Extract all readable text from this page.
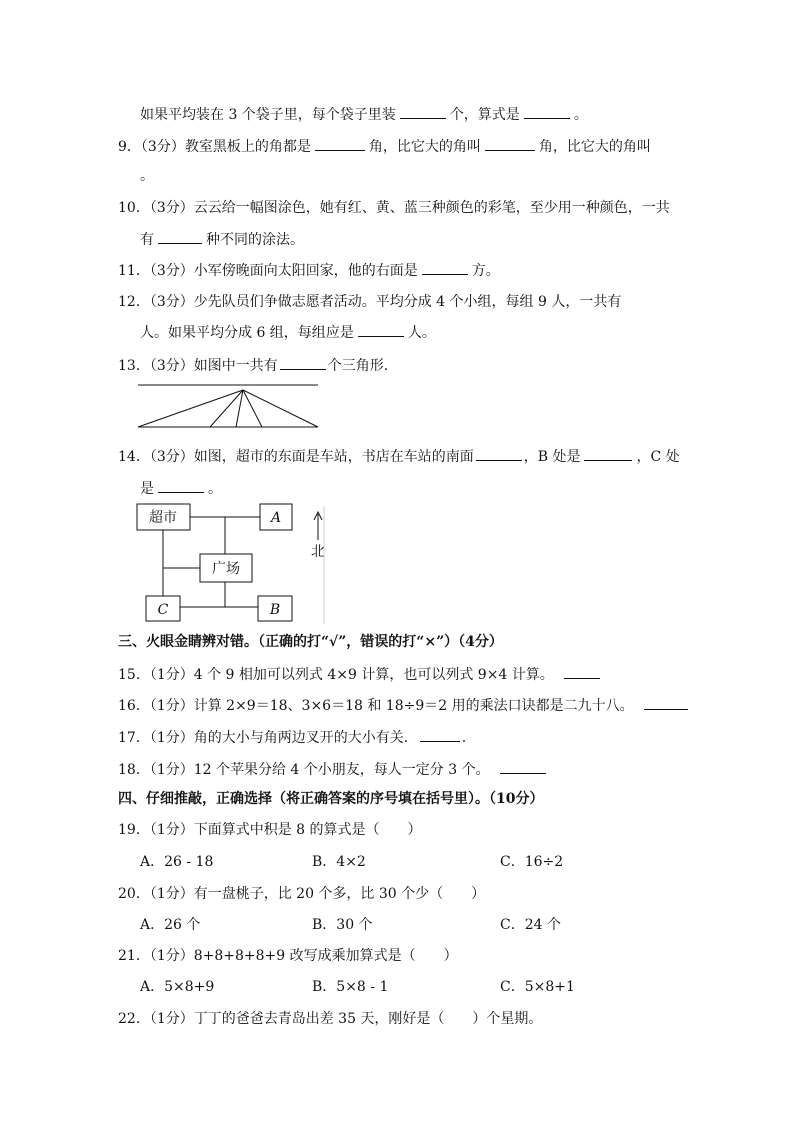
如果平均装在 3 个袋子里，每个袋子里装	个，算式是	。
9．（3分）教室黑板上的角都是	角，比它大的角叫	角，比它大的角叫
。
10．（3分）云云给一幅图涂色，她有红、黄、蓝三种颜色的彩笔，至少用一种颜色，一共
有	种不同的涂法。
11．（3分）小军傍晚面向太阳回家，他的右面是	方。
12．（3分）少先队员们争做志愿者活动。平均分成 4 个小组，每组 9 人，一共有
人。如果平均分成 6 组，每组应是	人。
13．（3分）如图中一共有	个三角形.
14．（3分）如图，超市的东面是车站，书店在车站的南面	，B 处是	，C 处
是	。
超市	A
广场
C	B
北
三、火眼金睛辨对错。（正确的打“√”，错误的打“×”）（4分）
15．（1分）4 个 9 相加可以列式 4×9 计算，也可以列式 9×4 计算。
16．（1分）计算 2×9＝18、3×6＝18 和 18÷9＝2 用的乘法口诀都是二九十八。
17．（1分）角的大小与角两边叉开的大小有关．	.
18．（1分）12 个苹果分给 4 个小朋友，每人一定分 3 个。
四、仔细推敲，正确选择（将正确答案的序号填在括号里）。（10分）
19．（1分）下面算式中积是 8 的算式是（　　）
A．26 - 18	B．4×2	C．16÷2
20．（1分）有一盘桃子，比 20 个多，比 30 个少（　　）
A．26 个	B．30 个	C．24 个
21．（1分）8+8+8+8+9 改写成乘加算式是（　　）
A．5×8+9	B．5×8 - 1	C．5×8+1
22．（1分）丁丁的爸爸去青岛出差 35 天，刚好是（　　）个星期。
